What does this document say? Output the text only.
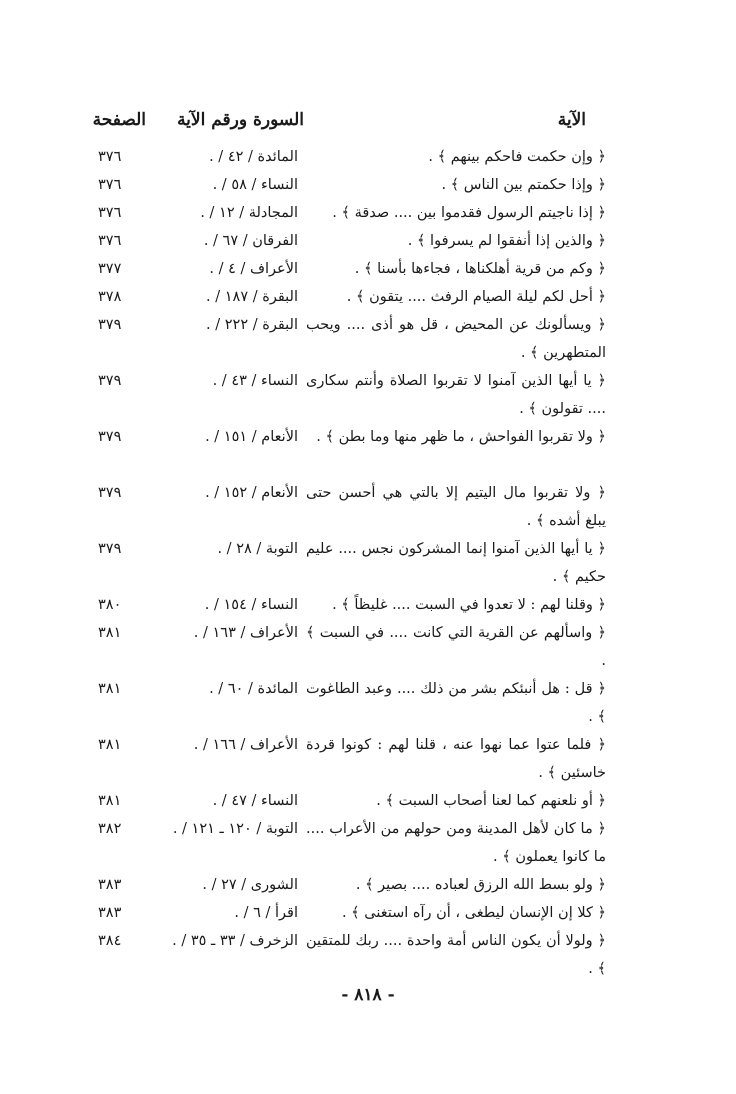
الآية
السورة ورقم الآية
الصفحة
﴿ وإن حكمت فاحكم بينهم ﴾ .
المائدة / ٤٢ / .
٣٧٦
﴿ وإذا حكمتم بين الناس ﴾ .
النساء / ٥٨ / .
٣٧٦
﴿ إذا ناجيتم الرسول فقدموا بين .... صدقة ﴾ .
المجادلة / ١٢ / .
٣٧٦
﴿ والذين إذا أنفقوا لم يسرفوا ﴾ .
الفرقان / ٦٧ / .
٣٧٦
﴿ وكم من قرية أهلكناها ، فجاءها بأسنا ﴾ .
الأعراف / ٤ / .
٣٧٧
﴿ أحل لكم ليلة الصيام الرفث .... يتقون ﴾ .
البقرة / ١٨٧ / .
٣٧٨
﴿ ويسألونك عن المحيض ، قل هو أذى .... ويحب المتطهرين ﴾ .
البقرة / ٢٢٢ / .
٣٧٩
﴿ يا أيها الذين آمنوا لا تقربوا الصلاة وأنتم سكارى .... تقولون ﴾ .
النساء / ٤٣ / .
٣٧٩
﴿ ولا تقربوا الفواحش ، ما ظهر منها وما بطن ﴾ .
الأنعام / ١٥١ / .
٣٧٩
﴿ ولا تقربوا مال اليتيم إلا بالتي هي أحسن حتى يبلغ أشده ﴾ .
الأنعام / ١٥٢ / .
٣٧٩
﴿ يا أيها الذين آمنوا إنما المشركون نجس .... عليم حكيم ﴾ .
التوبة / ٢٨ / .
٣٧٩
﴿ وقلنا لهم : لا تعدوا في السبت .... غليظاً ﴾ .
النساء / ١٥٤ / .
٣٨٠
﴿ واسألهم عن القرية التي كانت .... في السبت ﴾ .
الأعراف / ١٦٣ / .
٣٨١
﴿ قل : هل أنبئكم بشر من ذلك .... وعبد الطاغوت ﴾ .
المائدة / ٦٠ / .
٣٨١
﴿ فلما عتوا عما نهوا عنه ، قلنا لهم : كونوا قردة خاسئين ﴾ .
الأعراف / ١٦٦ / .
٣٨١
﴿ أو نلعنهم كما لعنا أصحاب السبت ﴾ .
النساء / ٤٧ / .
٣٨١
﴿ ما كان لأهل المدينة ومن حولهم من الأعراب .... ما كانوا يعملون ﴾ .
التوبة / ١٢٠ ـ ١٢١ / .
٣٨٢
﴿ ولو بسط الله الرزق لعباده .... بصير ﴾ .
الشورى / ٢٧ / .
٣٨٣
﴿ كلا إن الإنسان ليطغى ، أن رآه استغنى ﴾ .
اقرأ / ٦ / .
٣٨٣
﴿ ولولا أن يكون الناس أمة واحدة .... ربك للمتقين ﴾ .
الزخرف / ٣٣ ـ ٣٥ / .
٣٨٤
- ٨١٨ -
